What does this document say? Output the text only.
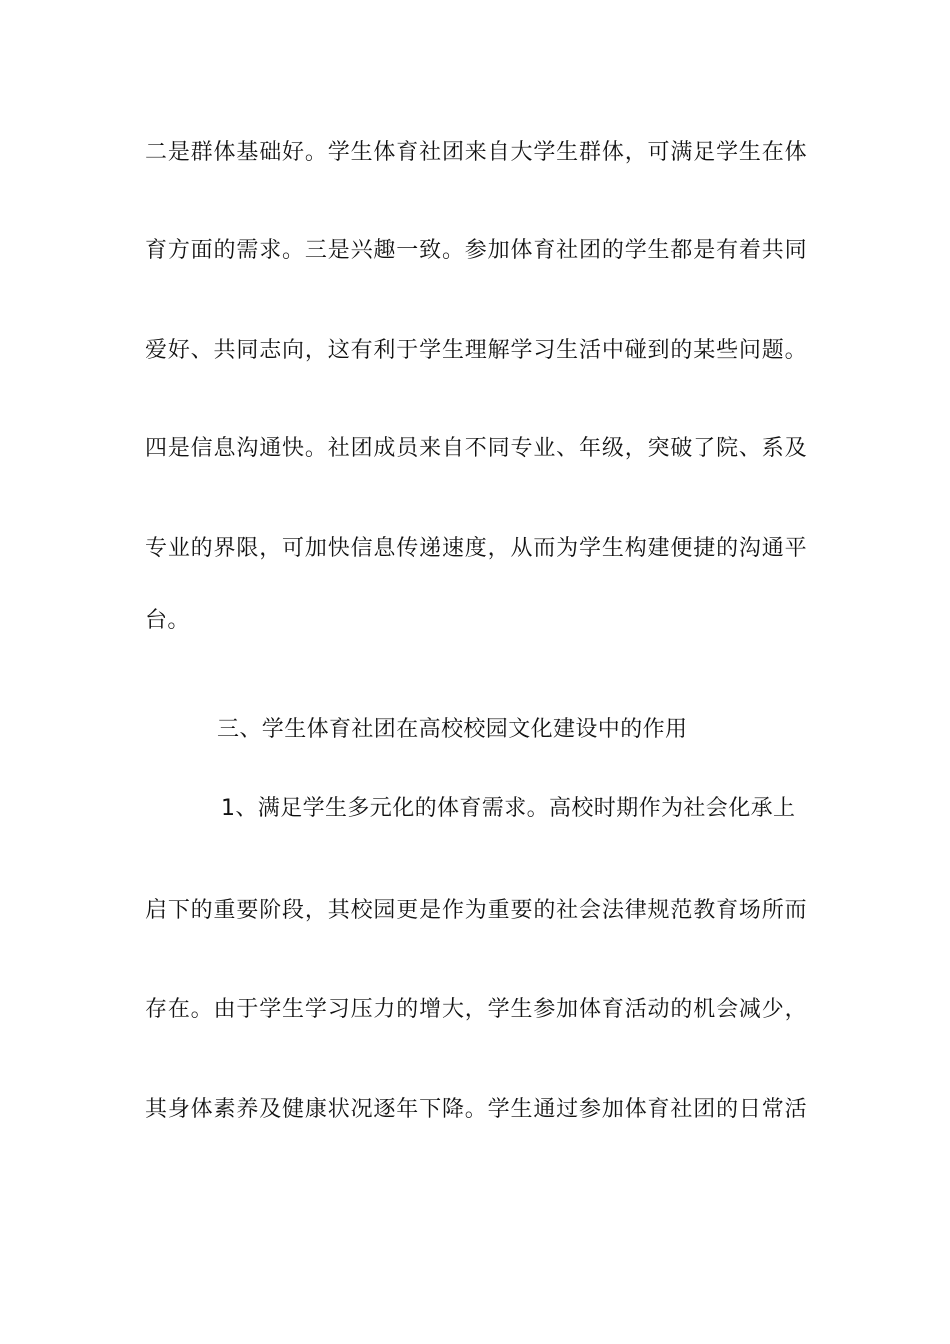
二是群体基础好。学生体育社团来自大学生群体，可满足学生在体
育方面的需求。三是兴趣一致。参加体育社团的学生都是有着共同
爱好、共同志向，这有利于学生理解学习生活中碰到的某些问题。
四是信息沟通快。社团成员来自不同专业、年级，突破了院、系及
专业的界限，可加快信息传递速度，从而为学生构建便捷的沟通平
台。
三、学生体育社团在高校校园文化建设中的作用
1、满足学生多元化的体育需求。高校时期作为社会化承上
启下的重要阶段，其校园更是作为重要的社会法律规范教育场所而
存在。由于学生学习压力的增大，学生参加体育活动的机会减少，
其身体素养及健康状况逐年下降。学生通过参加体育社团的日常活
